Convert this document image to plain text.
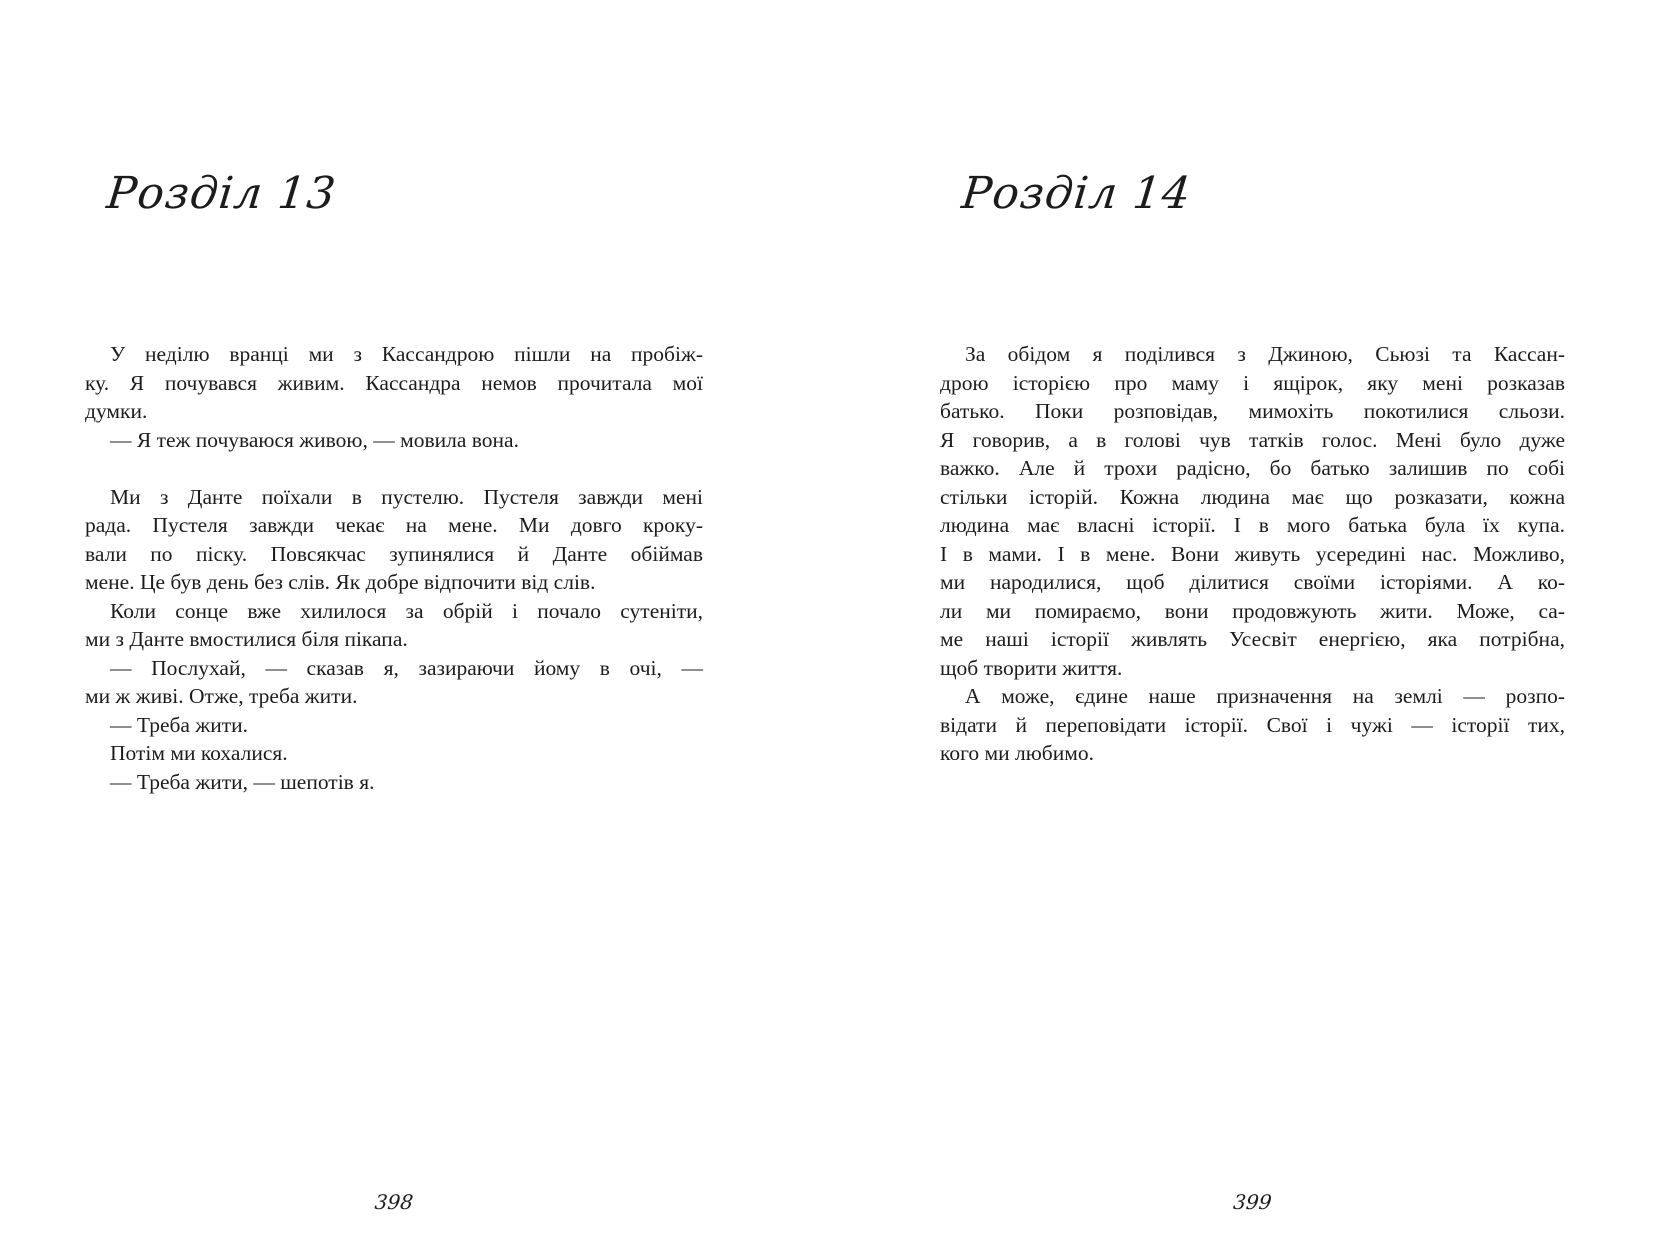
Розділ 13
У неділю вранці ми з Кассандрою пішли на пробіж-
ку. Я почувався живим. Кассандра немов прочитала мої
думки.
— Я теж почуваюся живою, — мовила вона.
Ми з Данте поїхали в пустелю. Пустеля завжди мені
рада. Пустеля завжди чекає на мене. Ми довго кроку-
вали по піску. Повсякчас зупинялися й Данте обіймав
мене. Це був день без слів. Як добре відпочити від слів.
Коли сонце вже хилилося за обрій і почало сутеніти,
ми з Данте вмостилися біля пікапа.
— Послухай, — сказав я, зазираючи йому в очі, —
ми ж живі. Отже, треба жити.
— Треба жити.
Потім ми кохалися.
— Треба жити, — шепотів я.
398
Розділ 14
За обідом я поділився з Джиною, Сьюзі та Кассан-
дрою історією про маму і ящірок, яку мені розказав
батько. Поки розповідав, мимохіть покотилися сльози.
Я говорив, а в голові чув татків голос. Мені було дуже
важко. Але й трохи радісно, бо батько залишив по собі
стільки історій. Кожна людина має що розказати, кожна
людина має власні історії. І в мого батька була їх купа.
І в мами. І в мене. Вони живуть усередині нас. Можливо,
ми народилися, щоб ділитися своїми історіями. А ко-
ли ми помираємо, вони продовжують жити. Може, са-
ме наші історії живлять Усесвіт енергією, яка потрібна,
щоб творити життя.
А може, єдине наше призначення на землі — розпо-
відати й переповідати історії. Свої і чужі — історії тих,
кого ми любимо.
399
